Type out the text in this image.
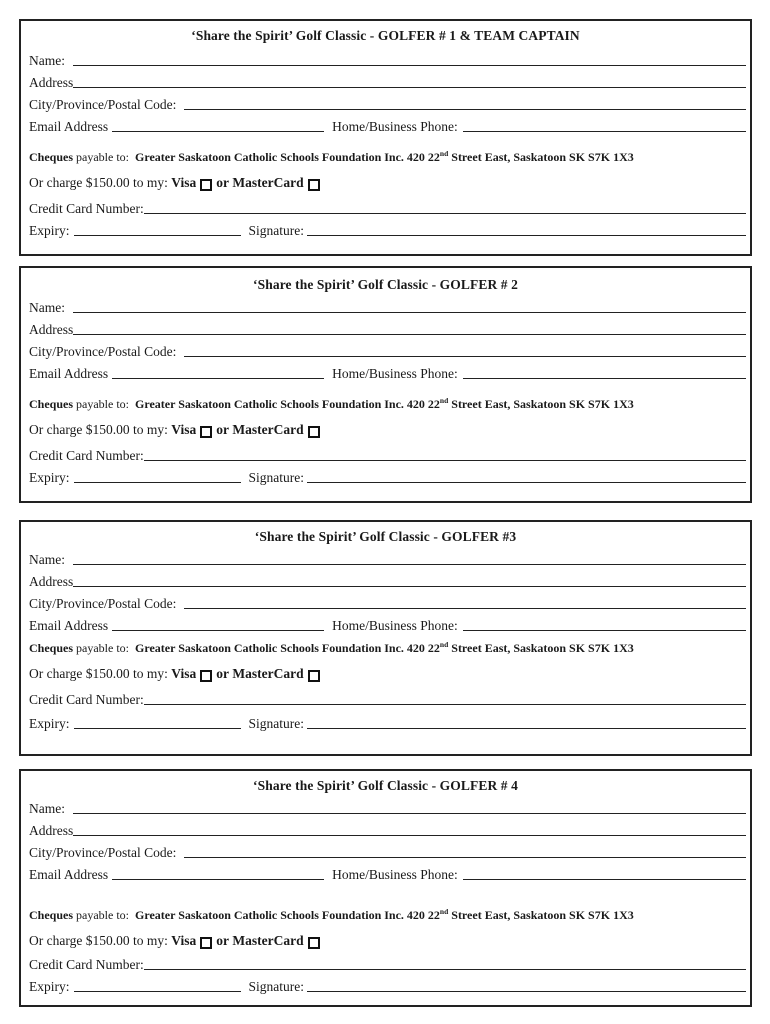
‘Share the Spirit’ Golf Classic - GOLFER # 1 & TEAM CAPTAIN
Name:
Address
City/Province/Postal Code:
Email Address	Home/Business Phone:
Cheques
payable to:
Greater Saskatoon Catholic Schools Foundation Inc. 420 22nd Street East, Saskatoon SK S7K 1X3
Or charge $150.00 to my:
Visa or
MasterCard
Credit Card Number:
Expiry:	Signature:
‘Share the Spirit’ Golf Classic - GOLFER # 2
Name:
Address
City/Province/Postal Code:
Email Address	Home/Business Phone:
Cheques
payable to:
Greater Saskatoon Catholic Schools Foundation Inc. 420 22nd Street East, Saskatoon SK S7K 1X3
Or charge $150.00 to my:
Visa or
MasterCard
Credit Card Number:
Expiry:	Signature:
‘Share the Spirit’ Golf Classic - GOLFER #3
Name:
Address
City/Province/Postal Code:
Email Address	Home/Business Phone:
Cheques
payable to:
Greater Saskatoon Catholic Schools Foundation Inc. 420 22nd Street East, Saskatoon SK S7K 1X3
Or charge $150.00 to my:
Visa or
MasterCard
Credit Card Number:
Expiry:	Signature:
‘Share the Spirit’ Golf Classic - GOLFER # 4
Name:
Address
City/Province/Postal Code:
Email Address	Home/Business Phone:
Cheques
payable to:
Greater Saskatoon Catholic Schools Foundation Inc. 420 22nd Street East, Saskatoon SK S7K 1X3
Or charge $150.00 to my:
Visa or
MasterCard
Credit Card Number:
Expiry:	Signature:
